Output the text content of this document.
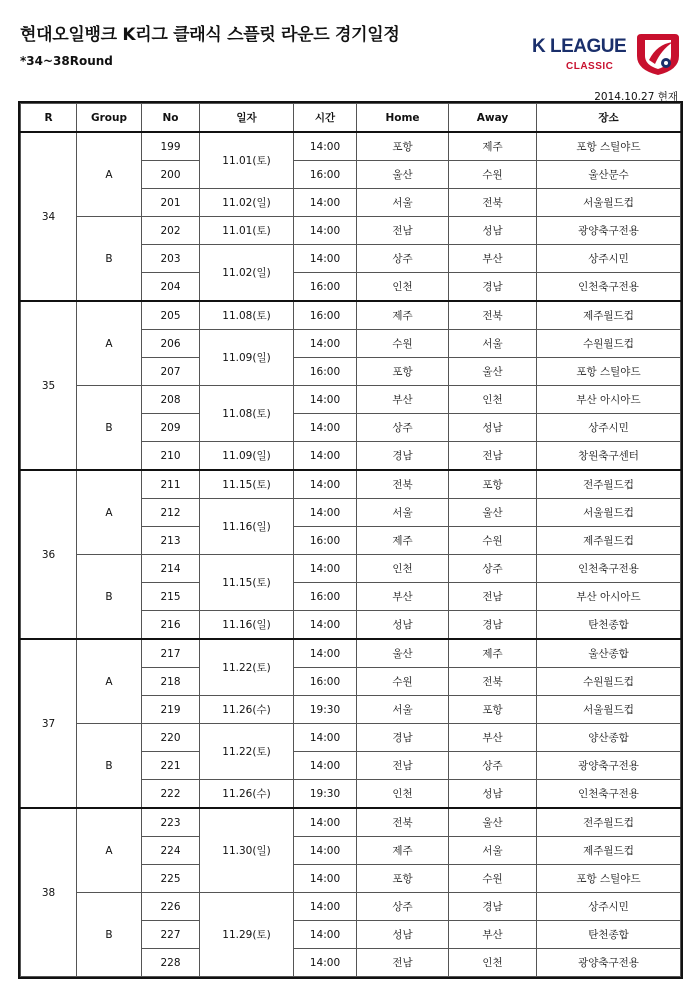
현대오일뱅크 K리그 클래식 스플릿 라운드 경기일정
*34~38Round
K LEAGUE
CLASSIC
2014.10.27 현재
R	Group	No	일자	시간	Home	Away	장소
34	A	199	11.01(토)	14:00	포항	제주	포항 스틸야드
		200		16:00	울산	수원	울산문수
		201	11.02(일)	14:00	서울	전북	서울월드컵
	B	202	11.01(토)	14:00	전남	성남	광양축구전용
		203	11.02(일)	14:00	상주	부산	상주시민
		204		16:00	인천	경남	인천축구전용
35	A	205	11.08(토)	16:00	제주	전북	제주월드컵
		206	11.09(일)	14:00	수원	서울	수원월드컵
		207		16:00	포항	울산	포항 스틸야드
	B	208	11.08(토)	14:00	부산	인천	부산 아시아드
		209		14:00	상주	성남	상주시민
		210	11.09(일)	14:00	경남	전남	창원축구센터
36	A	211	11.15(토)	14:00	전북	포항	전주월드컵
		212	11.16(일)	14:00	서울	울산	서울월드컵
		213		16:00	제주	수원	제주월드컵
	B	214	11.15(토)	14:00	인천	상주	인천축구전용
		215		16:00	부산	전남	부산 아시아드
		216	11.16(일)	14:00	성남	경남	탄천종합
37	A	217	11.22(토)	14:00	울산	제주	울산종합
		218		16:00	수원	전북	수원월드컵
		219	11.26(수)	19:30	서울	포항	서울월드컵
	B	220	11.22(토)	14:00	경남	부산	양산종합
		221		14:00	전남	상주	광양축구전용
		222	11.26(수)	19:30	인천	성남	인천축구전용
38	A	223	11.30(일)	14:00	전북	울산	전주월드컵
		224		14:00	제주	서울	제주월드컵
		225		14:00	포항	수원	포항 스틸야드
	B	226	11.29(토)	14:00	상주	경남	상주시민
		227		14:00	성남	부산	탄천종합
		228		14:00	전남	인천	광양축구전용
